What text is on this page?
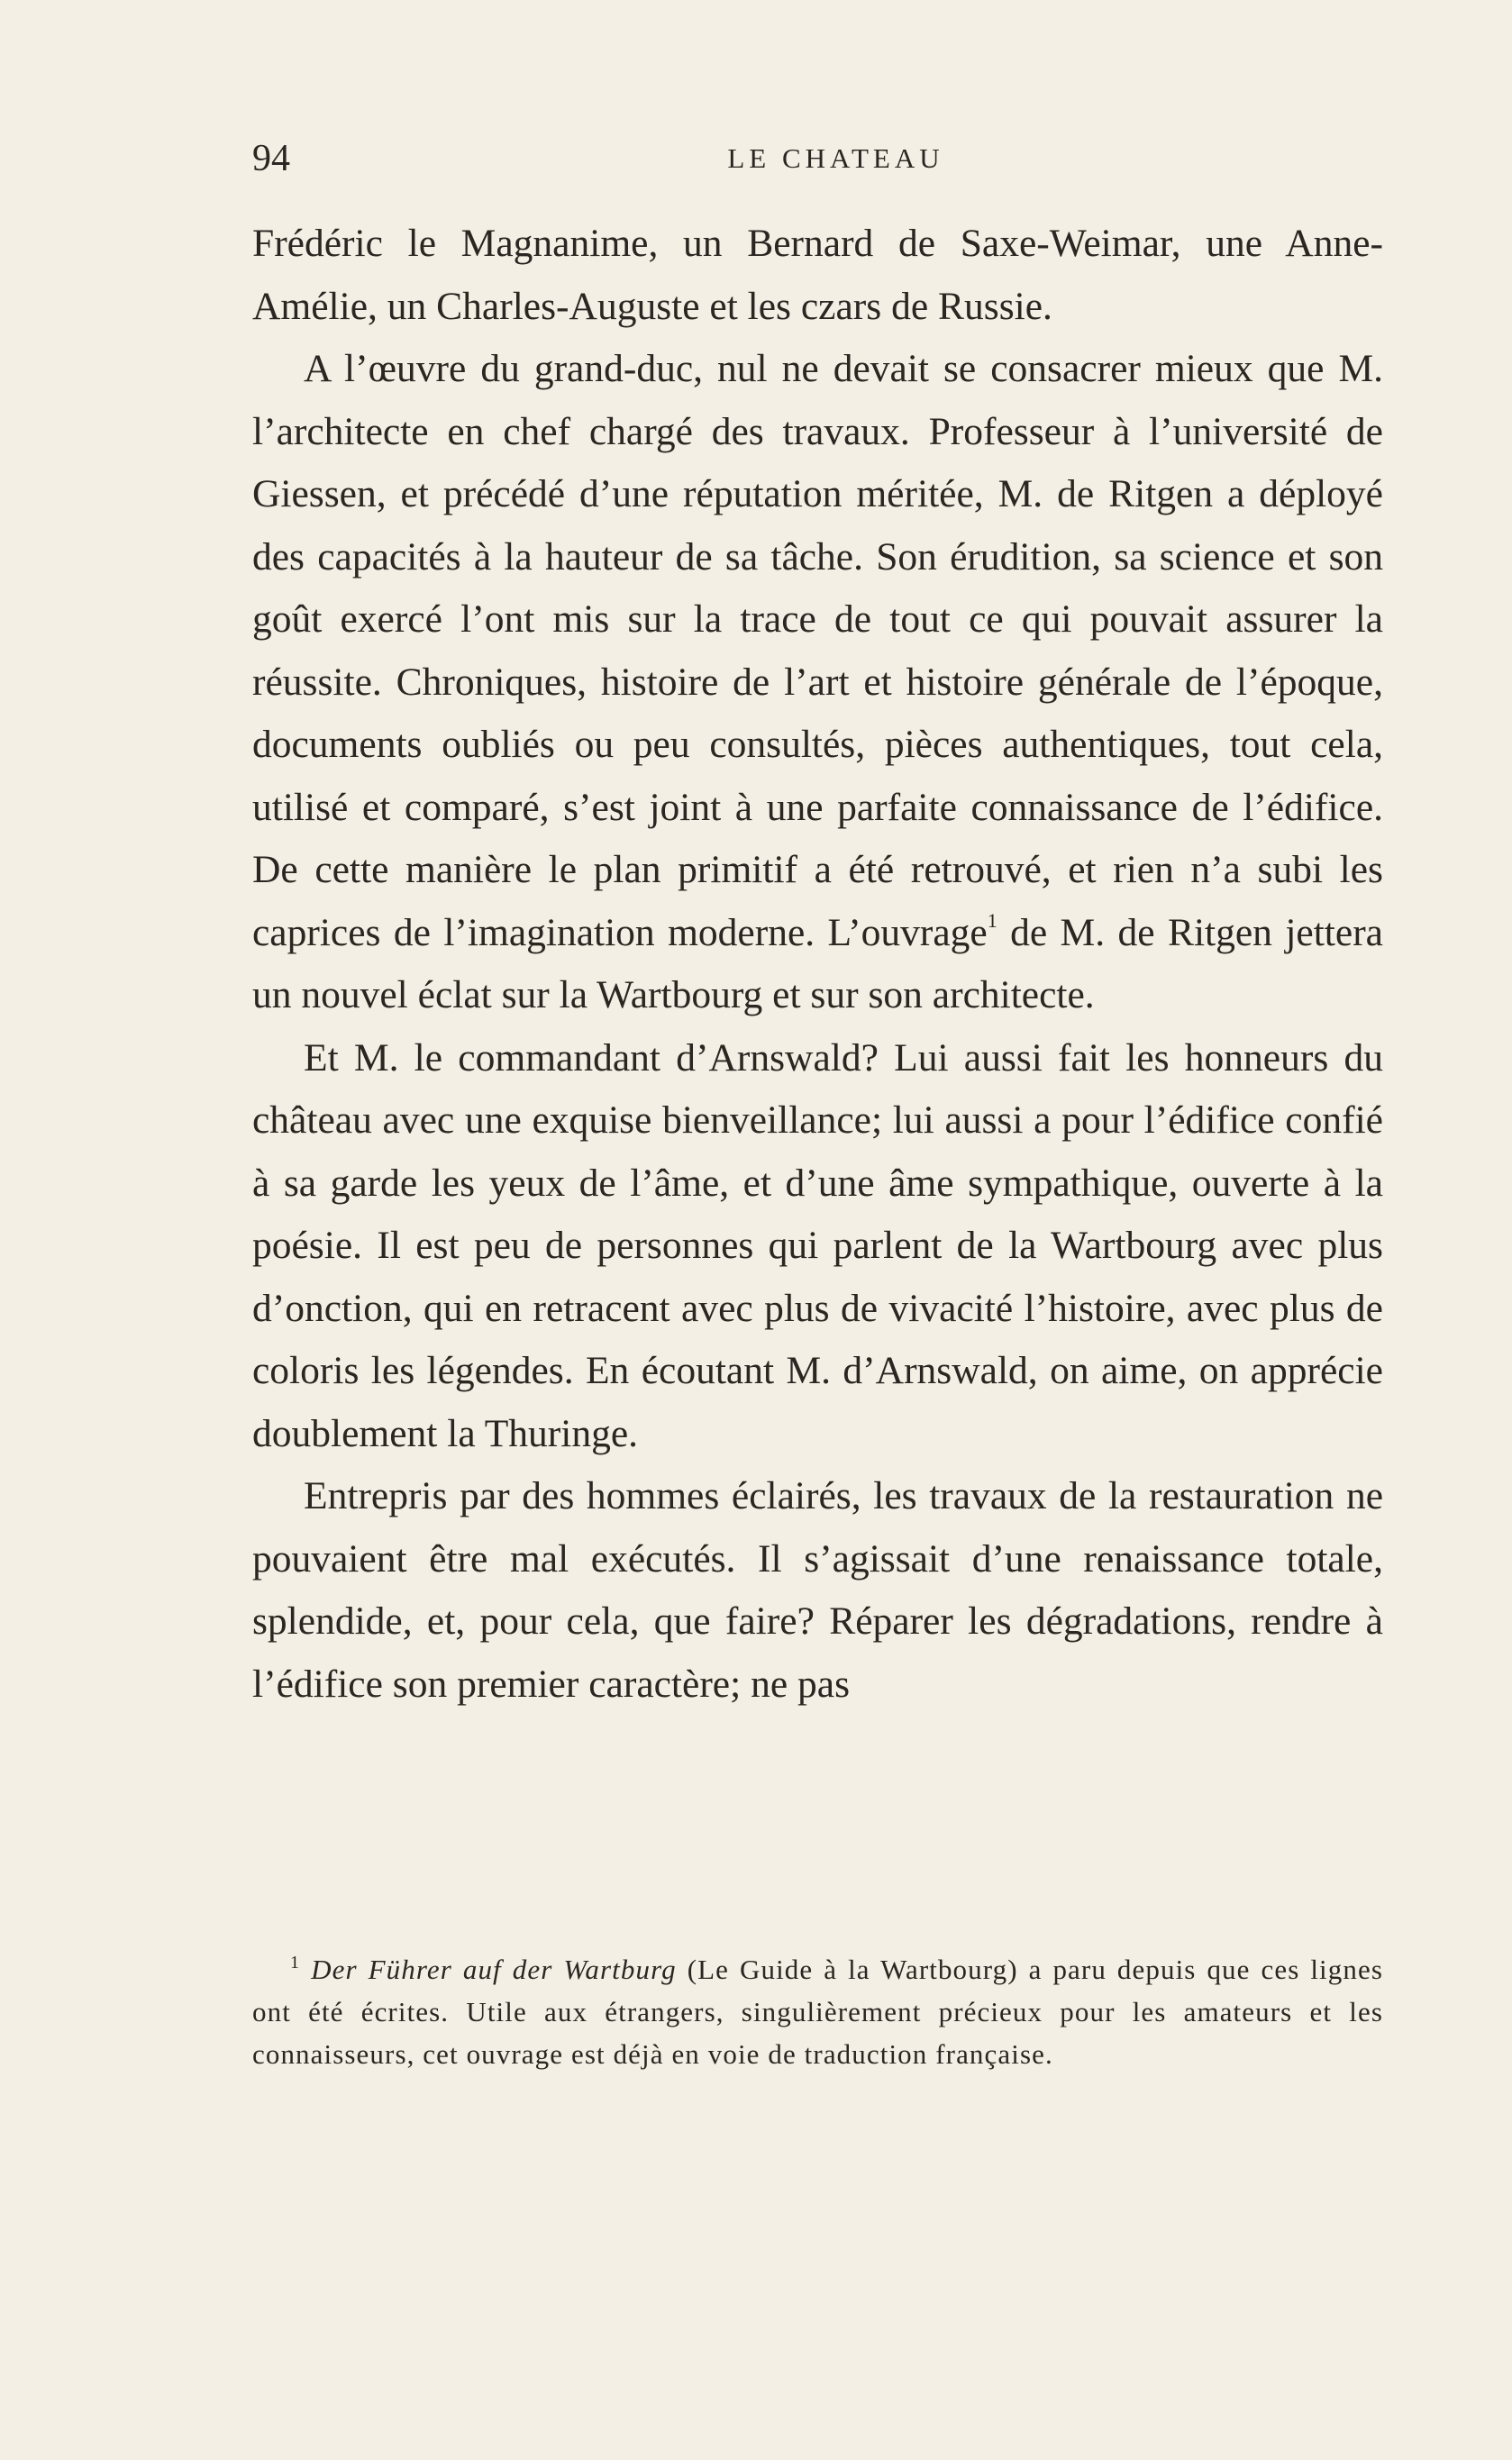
94	LE CHATEAU

Frédéric le Magnanime, un Bernard de Saxe-Weimar, une Anne-Amélie, un Charles-Auguste et les czars de Russie.

A l’œuvre du grand-duc, nul ne devait se consacrer mieux que M. l’architecte en chef chargé des travaux. Professeur à l’université de Giessen, et précédé d’une réputation méritée, M. de Ritgen a déployé des capacités à la hauteur de sa tâche. Son érudition, sa science et son goût exercé l’ont mis sur la trace de tout ce qui pouvait assurer la réussite. Chroniques, histoire de l’art et histoire générale de l’époque, documents oubliés ou peu consultés, pièces authentiques, tout cela, utilisé et comparé, s’est joint à une parfaite connaissance de l’édifice. De cette manière le plan primitif a été retrouvé, et rien n’a subi les caprices de l’imagination moderne. L’ouvrage$^1$ de M. de Ritgen jettera un nouvel éclat sur la Wartbourg et sur son architecte.

Et M. le commandant d’Arnswald? Lui aussi fait les honneurs du château avec une exquise bienveillance; lui aussi a pour l’édifice confié à sa garde les yeux de l’âme, et d’une âme sympathique, ouverte à la poésie. Il est peu de personnes qui parlent de la Wartbourg avec plus d’onction, qui en retracent avec plus de vivacité l’histoire, avec plus de coloris les légendes. En écoutant M. d’Arnswald, on aime, on apprécie doublement la Thuringe.

Entrepris par des hommes éclairés, les travaux de la restauration ne pouvaient être mal exécutés. Il s’agissait d’une renaissance totale, splendide, et, pour cela, que faire? Réparer les dégradations, rendre à l’édifice son premier caractère; ne pas

$^1$ Der Führer auf der Wartburg (Le Guide à la Wartbourg) a paru depuis que ces lignes ont été écrites. Utile aux étrangers, singulièrement précieux pour les amateurs et les connaisseurs, cet ouvrage est déjà en voie de traduction française.
